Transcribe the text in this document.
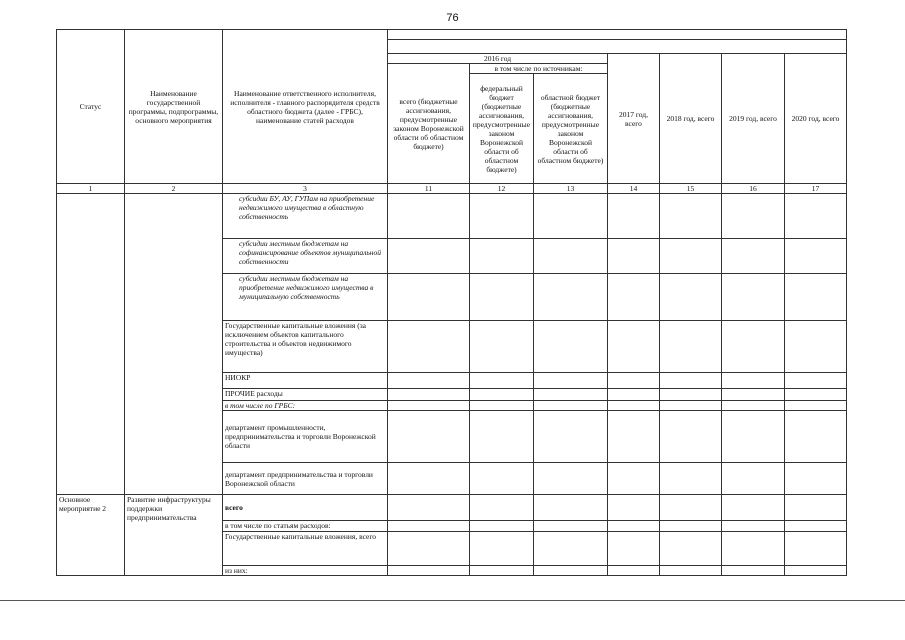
76
Статус	Наименование государственной программы, подпрограммы, основного мероприятия	Наименование ответственного исполнителя, исполнителя - главного распорядителя средств областного бюджета (далее - ГРБС), наименование статей расходов							

			2016 год			2017 год, всего	2018 год, всего	2019 год, всего	2020 год, всего
			всего (бюджетные ассигнования, предусмотренные законом Воронежской области об областном бюджете)	в том числе по источникам:					
				федеральный бюджет (бюджетные ассигнования, предусмотренные законом Воронежской области об областном бюджете)	областной бюджет (бюджетные ассигнования, предусмотренные законом Воронежской области об областном бюджете)				
1	2	3	11	12	13	14	15	16	17
		субсидии БУ, АУ, ГУПам на приобретение недвижимого имущества в областную собственность							
		субсидии местным бюджетам на софинансирование объектов муниципальной собственности							
		субсидии местным бюджетам на приобретение недвижимого имущества в муниципальную собственность							
		Государственные капитальные вложения (за исключением объектов капитального строительства и объектов недвижимого имущества)							
		НИОКР							
		ПРОЧИЕ расходы							
		в том числе по ГРБС:							
		департамент промышленности, предпринимательства и торговли Воронежской области							
		департамент предпринимательства и торговли Воронежской области							
Основное мероприятие 2	Развитие инфраструктуры поддержки предпринимательства	всего							
		в том числе по статьям расходов:							
		Государственные капитальные вложения, всего							
		из них:							
